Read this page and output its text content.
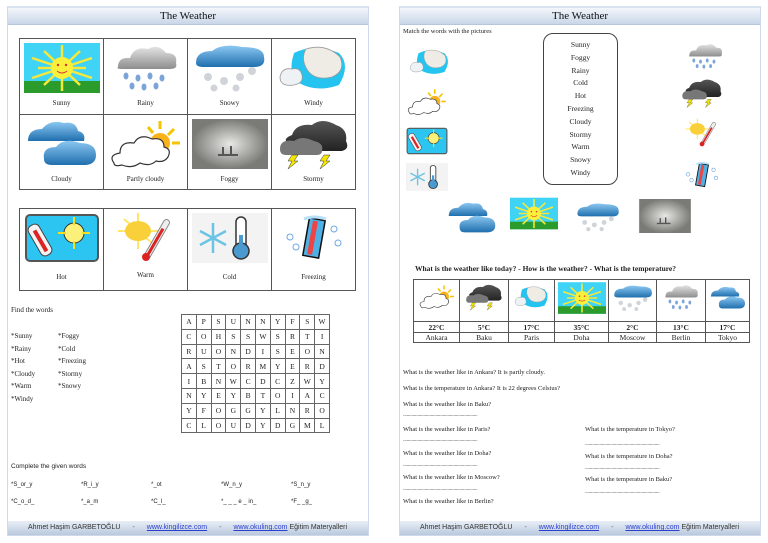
The Weather
Sunny	Rainy	Snowy	Windy

Cloudy	Partly cloudy	Foggy	Stormy
Hot	Warm	Cold	Freezing
Find the words
*Sunny
*Rainy
*Hot
*Cloudy
*Warm
*Windy
*Foggy
*Cold
*Freezing
*Stormy
*Snowy
A	P	S	U	N	N	Y	F	S	W
C	O	H	S	S	W	S	R	T	I
R	U	O	N	D	I	S	E	O	N
A	S	T	O	R	M	Y	E	R	D
I	B	N	W	C	D	C	Z	W	Y
N	Y	E	Y	B	T	O	I	A	C
Y	F	O	G	G	Y	L	N	R	O
C	L	O	U	D	Y	D	G	M	L
Complete the given words
*S_or_y	*R_i_y	*_ot	*W_n_y	*S_n_y
*C_o_d_	*_a_m	*C_l_	*_ _ _ e _ in_	*F_ _g_
Ahmet Haşim GARBETOĞLU - www.kingilizce.com - www.okuling.com Eğitim Materyalleri
The Weather
Match the words with the pictures
Sunny
Foggy
Rainy
Cold
Hot
Freezing
Cloudy
Stormy
Warm
Snowy
Windy
What is the weather like today? - How is the weather? - What is the temperature?

22°C	5°C	17°C	35°C	2°C	13°C	17°C
Ankara	Baku	Paris	Doha	Moscow	Berlin	Tokyo
What is the weather like in Ankara? It is partly cloudy.
What is the temperature in Ankara? It is 22 degrees Celsius?
What is the weather like in Baku?
..............................................................
What is the weather like in Paris?
..............................................................
What is the weather like in Doha?
..............................................................
What is the weather like in Moscow?
..............................................................
What is the weather like in Berlin?
What is the temperature in Tokyo?
..............................................................
What is the temperature in Doha?
..............................................................
What is the temperature in Baku?
..............................................................
Ahmet Haşim GARBETOĞLU - www.kingilizce.com - www.okuling.com Eğitim Materyalleri
